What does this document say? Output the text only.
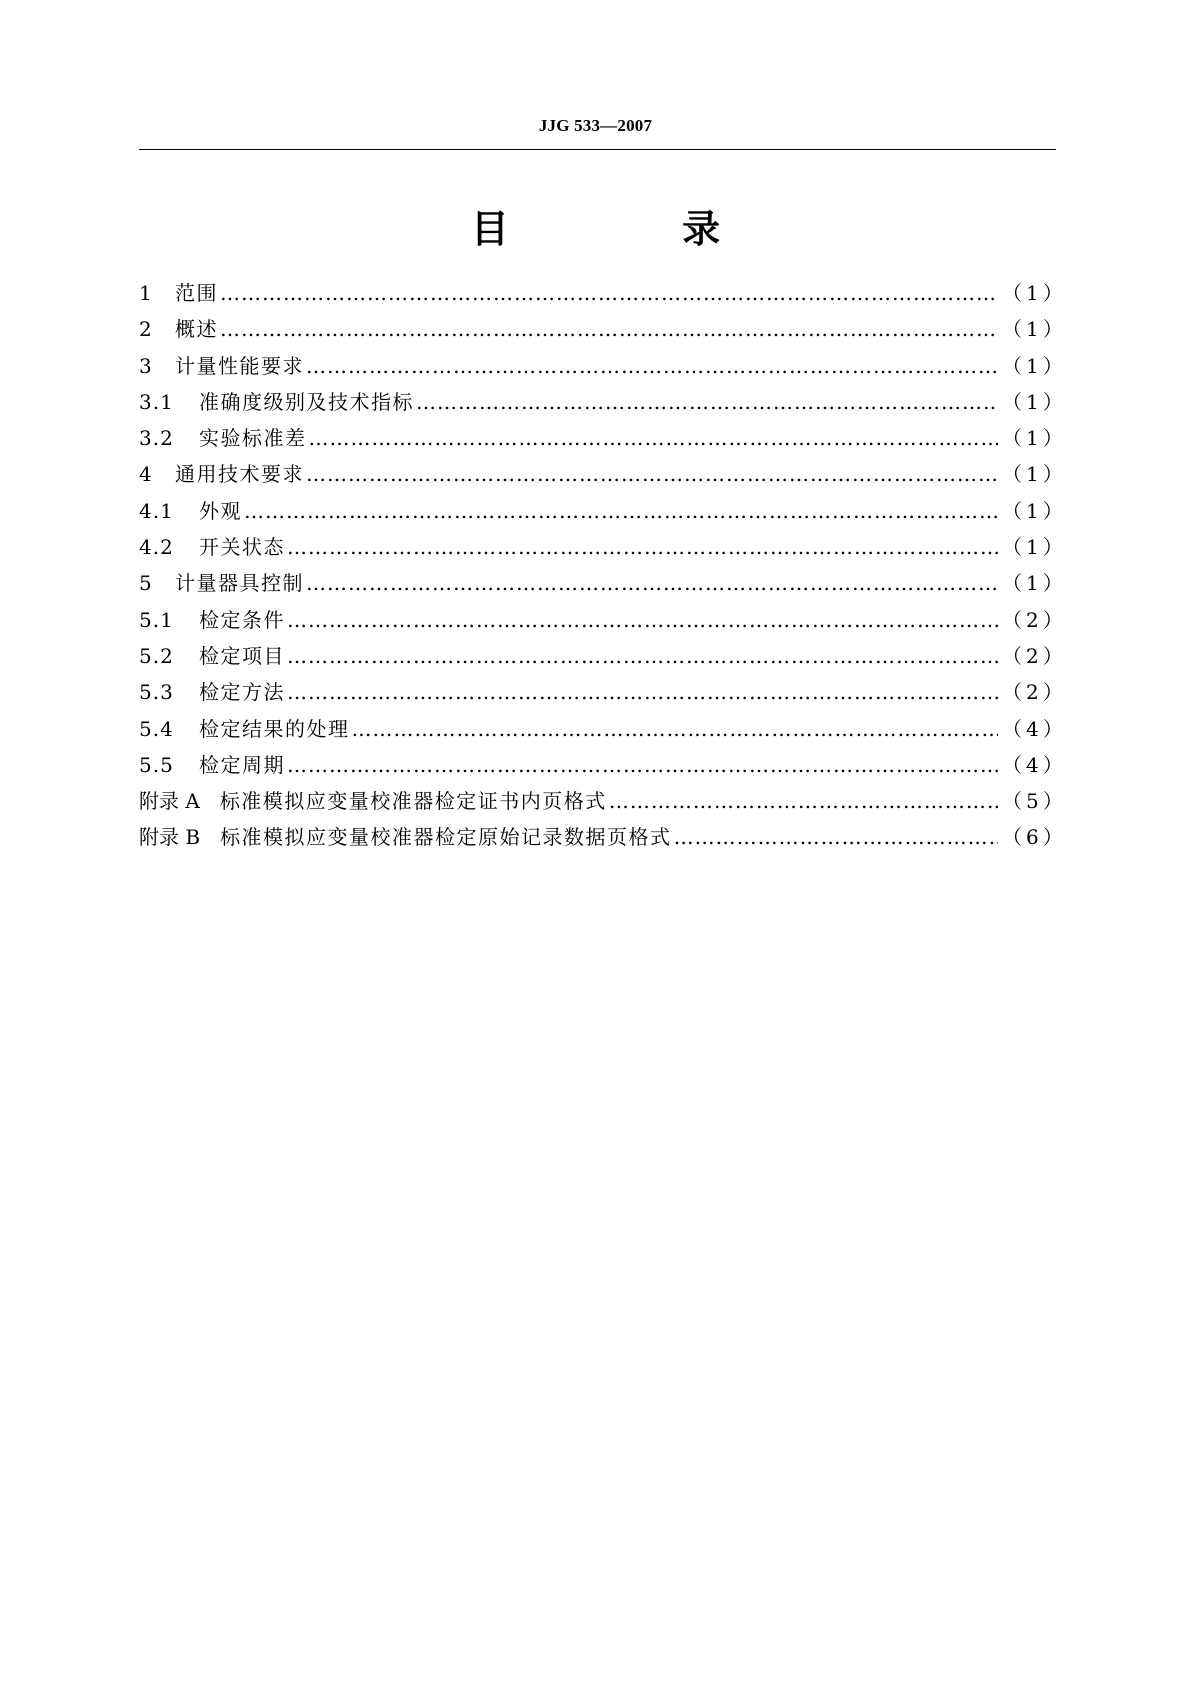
JJG 533—2007
目 录
1	范围 ……………………………………………………………………………………………………………………………………………………	（1）
2	概述 ……………………………………………………………………………………………………………………………………………………	（1）
3	计量性能要求 ……………………………………………………………………………………………………………………………………………………	（1）
3.1	准确度级别及技术指标 ……………………………………………………………………………………………………………………………………………………	（1）
3.2	实验标准差 ……………………………………………………………………………………………………………………………………………………	（1）
4	通用技术要求 ……………………………………………………………………………………………………………………………………………………	（1）
4.1	外观 ……………………………………………………………………………………………………………………………………………………	（1）
4.2	开关状态 ……………………………………………………………………………………………………………………………………………………	（1）
5	计量器具控制 ……………………………………………………………………………………………………………………………………………………	（1）
5.1	检定条件 ……………………………………………………………………………………………………………………………………………………	（2）
5.2	检定项目 ……………………………………………………………………………………………………………………………………………………	（2）
5.3	检定方法 ……………………………………………………………………………………………………………………………………………………	（2）
5.4	检定结果的处理 ……………………………………………………………………………………………………………………………………………………	（4）
5.5	检定周期 ……………………………………………………………………………………………………………………………………………………	（4）
附录 A	标准模拟应变量校准器检定证书内页格式 ……………………………………………………………………………………………………………………………………………………	（5）
附录 B	标准模拟应变量校准器检定原始记录数据页格式 ……………………………………………………………………………………………………………………………………………………	（6）
